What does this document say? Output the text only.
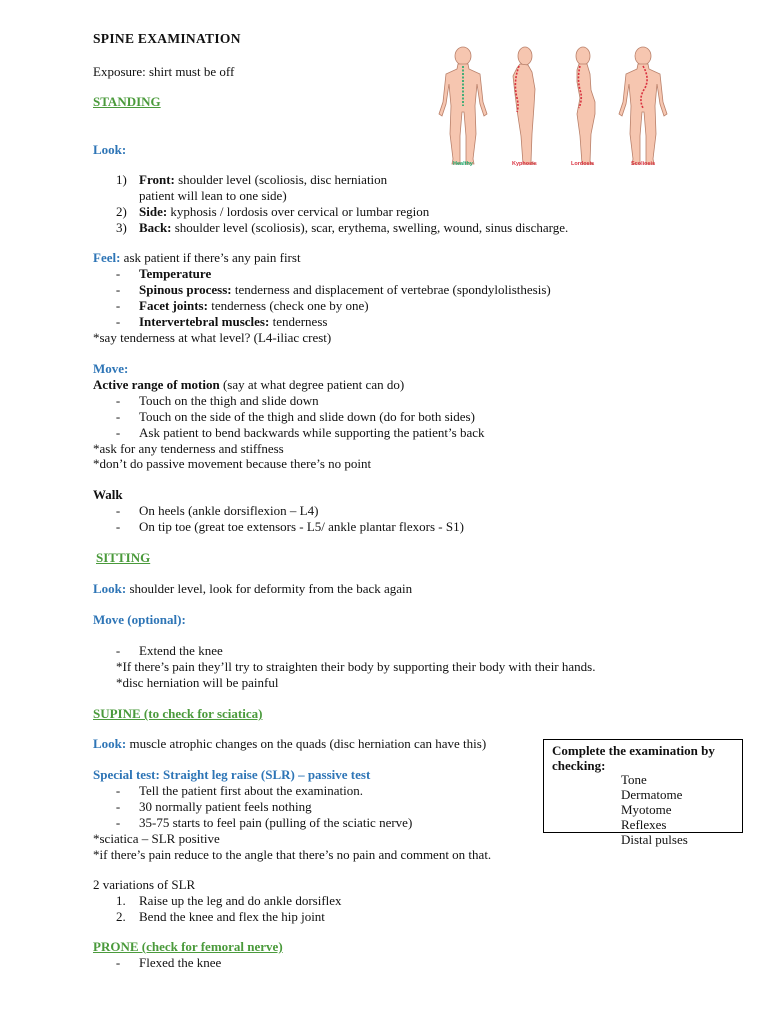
SPINE EXAMINATION
Exposure: shirt must be off
STANDING
Look:
1) Front: shoulder level (scoliosis, disc herniation
patient will lean to one side)
2) Side: kyphosis / lordosis over cervical or lumbar region
3) Back: shoulder level (scoliosis), scar, erythema, swelling, wound, sinus discharge.
Feel: ask patient if there’s any pain first
- Temperature
- Spinous process: tenderness and displacement of vertebrae (spondylolisthesis)
- Facet joints: tenderness (check one by one)
- Intervertebral muscles: tenderness
*say tenderness at what level? (L4-iliac crest)
Move:
Active range of motion (say at what degree patient can do)
- Touch on the thigh and slide down
- Touch on the side of the thigh and slide down (do for both sides)
- Ask patient to bend backwards while supporting the patient’s back
*ask for any tenderness and stiffness
*don’t do passive movement because there’s no point
Walk
- On heels (ankle dorsiflexion – L4)
- On tip toe (great toe extensors - L5/ ankle plantar flexors - S1)
SITTING
Look: shoulder level, look for deformity from the back again
Move (optional):
- Extend the knee
*If there’s pain they’ll try to straighten their body by supporting their body with their hands.
*disc herniation will be painful
SUPINE (to check for sciatica)
Look: muscle atrophic changes on the quads (disc herniation can have this)
Special test: Straight leg raise (SLR) – passive test
- Tell the patient first about the examination.
- 30 normally patient feels nothing
- 35-75 starts to feel pain (pulling of the sciatic nerve)
*sciatica – SLR positive
*if there’s pain reduce to the angle that there’s no pain and comment on that.
2 variations of SLR
1. Raise up the leg and do ankle dorsiflex
2. Bend the knee and flex the hip joint
PRONE (check for femoral nerve)
- Flexed the knee
Complete the examination by checking:
Tone
Dermatome
Myotome
Reflexes
Distal pulses
Healthy	Kyphosis	Lordosis	Scoliosis
